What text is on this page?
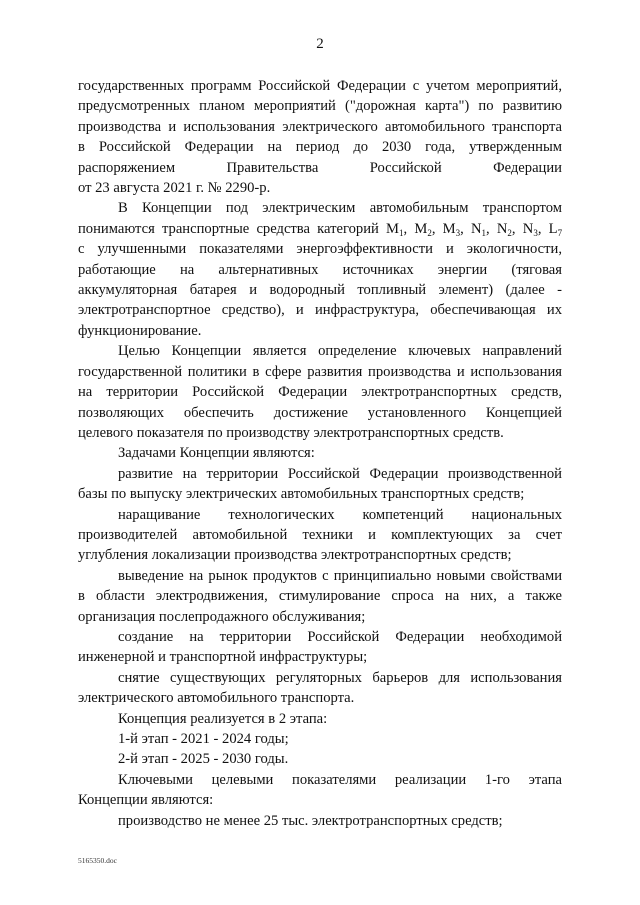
2
государственных программ Российской Федерации с учетом мероприятий,
предусмотренных планом мероприятий ("дорожная карта") по развитию
производства и использования электрического автомобильного транспорта
в Российской Федерации на период до 2030 года, утвержденным
распоряжением Правительства Российской Федерации
от 23 августа 2021 г. № 2290-р.
В Концепции под электрическим автомобильным транспортом
понимаются транспортные средства категорий $M_1$, $M_2$, $M_3$, $N_1$, $N_2$, $N_3$, $L_7$
с улучшенными показателями энергоэффективности и экологичности,
работающие на альтернативных источниках энергии (тяговая
аккумуляторная батарея и водородный топливный элемент) (далее -
электротранспортное средство), и инфраструктура, обеспечивающая их
функционирование.
Целью Концепции является определение ключевых направлений
государственной политики в сфере развития производства и использования
на территории Российской Федерации электротранспортных средств,
позволяющих обеспечить достижение установленного Концепцией
целевого показателя по производству электротранспортных средств.
Задачами Концепции являются:
развитие на территории Российской Федерации производственной
базы по выпуску электрических автомобильных транспортных средств;
наращивание технологических компетенций национальных
производителей автомобильной техники и комплектующих за счет
углубления локализации производства электротранспортных средств;
выведение на рынок продуктов с принципиально новыми свойствами
в области электродвижения, стимулирование спроса на них, а также
организация послепродажного обслуживания;
создание на территории Российской Федерации необходимой
инженерной и транспортной инфраструктуры;
снятие существующих регуляторных барьеров для использования
электрического автомобильного транспорта.
Концепция реализуется в 2 этапа:
1-й этап - 2021 - 2024 годы;
2-й этап - 2025 - 2030 годы.
Ключевыми целевыми показателями реализации 1-го этапа
Концепции являются:
производство не менее 25 тыс. электротранспортных средств;
5165350.doc
